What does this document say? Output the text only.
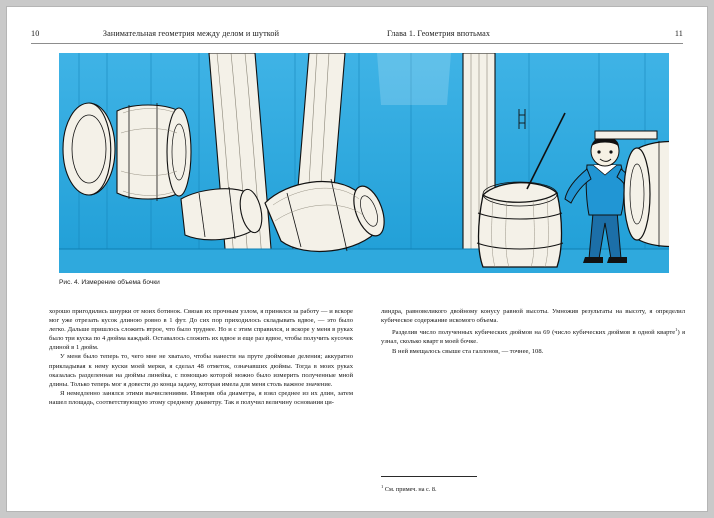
10	Занимательная геометрия между делом и шуткой	Глава 1. Геометрия впотьмах	11
Рис. 4. Измерение объема бочки

хорошо пригодились шнурки от моих ботинок. Связав их прочным узлом, я принялся за работу — и вскоре мог уже отрезать кусок длиною ровно в 1 фут. До сих пор приходилось складывать вдвое, — это было легко. Дальше пришлось сложить втрое, что было труднее. Но и с этим справился, и вскоре у меня в руках было три куска по 4 дюйма каждый. Оставалось сложить их вдвое и еще раз вдвое, чтобы получить кусочек длиной в 1 дюйм.

У меня было теперь то, чего мне не хватало, чтобы нанести на пруте дюймовые деления; аккуратно прикладывая к нему куски моей мерки, я сделал 48 отметок, означавших дюймы. Тогда в моих руках оказалась разделенная на дюймы линейка, с помощью которой можно было измерить полученные мной длины. Только теперь мог я довести до конца задачу, которая имела для меня столь важное значение.

Я немедленно занялся этими вычислениями. Измеряв оба диаметра, я взял среднее из их длин, затем нашел площадь, соответствующую этому среднему диаметру. Так я получил величину основания ци-

линдра, равновеликого двойному конусу равной высоты. Умножив результаты на высоту, я определил кубическое содержание искомого объема.

Разделив число полученных кубических дюймов на 69 (число кубических дюймов в одной кварте$^1$) я узнал, сколько кварт в моей бочке.

В ней вмещалось свыше ста галлонов, — точнее, 108.

$^1$ См. примеч. на с. 8.
